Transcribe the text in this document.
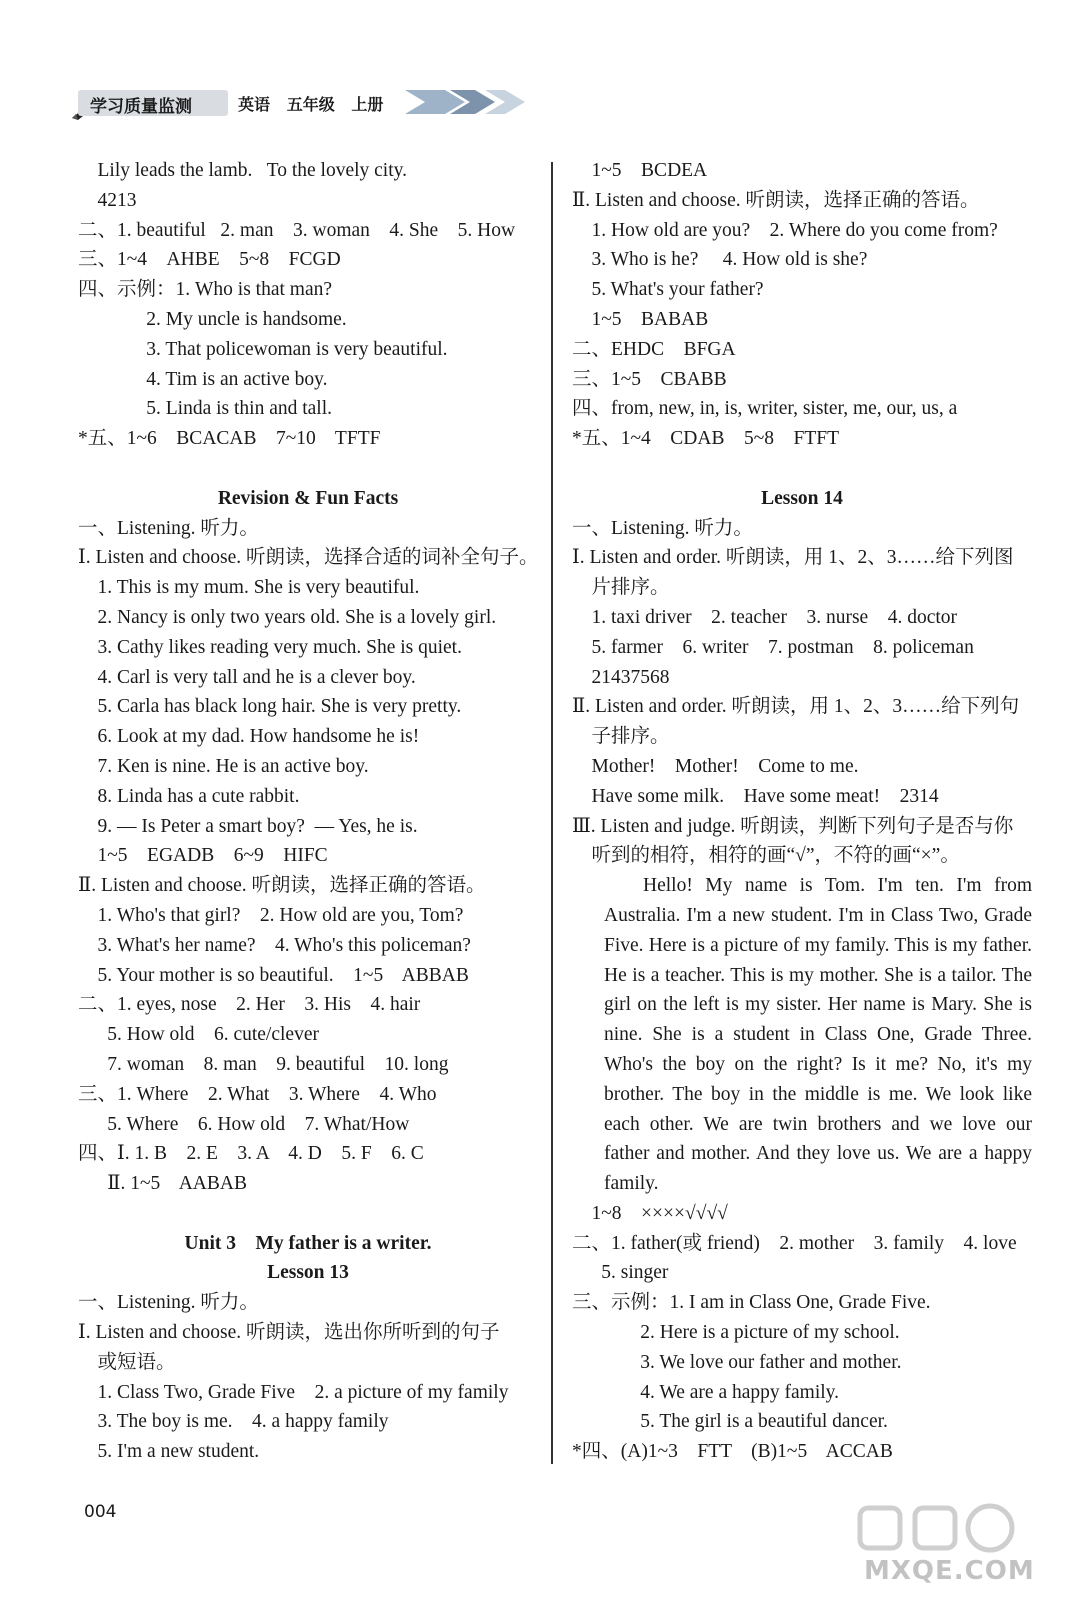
学习质量监测	英语   五年级   上册
Lily leads the lamb.   To the lovely city.
4213
二、1. beautiful   2. man    3. woman    4. She    5. How
三、1~4    AHBE    5~8    FCGD
四、示例：1. Who is that man?
2. My uncle is handsome.
3. That policewoman is very beautiful.
4. Tim is an active boy.
5. Linda is thin and tall.
*五、1~6    BCACAB    7~10    TFTF
Revision & Fun Facts
一、Listening. 听力。
Ⅰ. Listen and choose. 听朗读，选择合适的词补全句子。
1. This is my mum. She is very beautiful.
2. Nancy is only two years old. She is a lovely girl.
3. Cathy likes reading very much. She is quiet.
4. Carl is very tall and he is a clever boy.
5. Carla has black long hair. She is very pretty.
6. Look at my dad. How handsome he is!
7. Ken is nine. He is an active boy.
8. Linda has a cute rabbit.
9. — Is Peter a smart boy?  — Yes, he is.
1~5    EGADB    6~9    HIFC
Ⅱ. Listen and choose. 听朗读，选择正确的答语。
1. Who's that girl?    2. How old are you, Tom?
3. What's her name?    4. Who's this policeman?
5. Your mother is so beautiful.    1~5    ABBAB
二、1. eyes, nose    2. Her    3. His    4. hair
5. How old    6. cute/clever
7. woman    8. man    9. beautiful    10. long
三、1. Where    2. What    3. Where    4. Who
5. Where    6. How old    7. What/How
四、Ⅰ. 1. B    2. E    3. A    4. D    5. F    6. C
Ⅱ. 1~5    AABAB
Unit 3    My father is a writer.
Lesson 13
一、Listening. 听力。
Ⅰ. Listen and choose. 听朗读，选出你所听到的句子
或短语。
1. Class Two, Grade Five    2. a picture of my family
3. The boy is me.    4. a happy family
5. I'm a new student.
1~5    BCDEA
Ⅱ. Listen and choose. 听朗读，选择正确的答语。
1. How old are you?    2. Where do you come from?
3. Who is he?     4. How old is she?
5. What's your father?
1~5    BABAB
二、EHDC    BFGA
三、1~5    CBABB
四、from, new, in, is, writer, sister, me, our, us, a
*五、1~4    CDAB    5~8    FTFT
Lesson 14
一、Listening. 听力。
Ⅰ. Listen and order. 听朗读，用 1、2、3……给下列图
片排序。
1. taxi driver    2. teacher    3. nurse    4. doctor
5. farmer    6. writer    7. postman    8. policeman
21437568
Ⅱ. Listen and order. 听朗读，用 1、2、3……给下列句
子排序。
Mother!    Mother!    Come to me.
Have some milk.    Have some meat!    2314
Ⅲ. Listen and judge. 听朗读，判断下列句子是否与你
听到的相符，相符的画“√”，不符的画“×”。
Hello! My name is Tom. I'm ten. I'm from Australia. I'm a new student. I'm in Class Two, Grade Five. Here is a picture of my family. This is my father. He is a teacher. This is my mother. She is a tailor. The girl on the left is my sister. Her name is Mary. She is nine. She is a student in Class One, Grade Three. Who's the boy on the right? Is it me? No, it's my brother. The boy in the middle is me. We look like each other. We are twin brothers and we love our father and mother. And they love us. We are a happy family.
1~8    ××××√√√√
二、1. father(或 friend)    2. mother    3. family    4. love
5. singer
三、示例：1. I am in Class One, Grade Five.
2. Here is a picture of my school.
3. We love our father and mother.
4. We are a happy family.
5. The girl is a beautiful dancer.
*四、(A)1~3    FTT    (B)1~5    ACCAB
004
MXQE.COM
